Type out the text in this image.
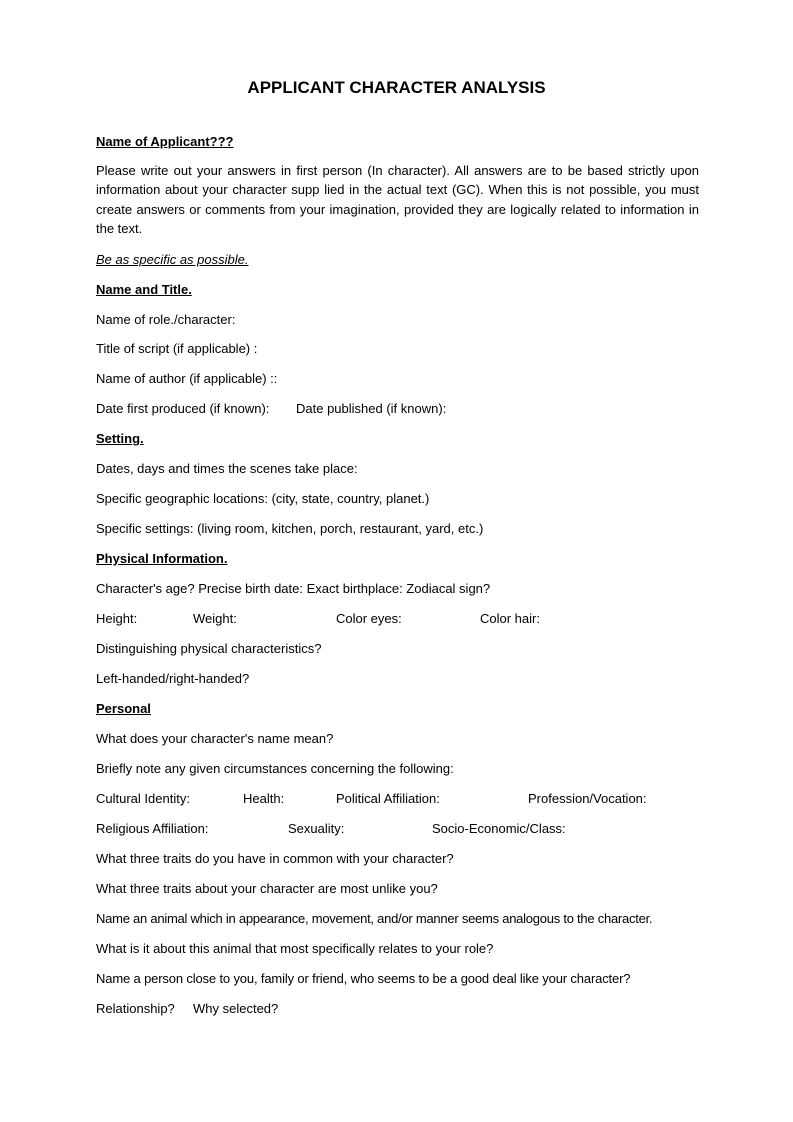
APPLICANT CHARACTER ANALYSIS
Name of Applicant???
Please write out your answers in first person (In character). All answers are to be based strictly upon information about your character supp lied in the actual text (GC). When this is not possible, you must create answers or comments from your imagination, provided they are logically related to information in the text.
Be as specific as possible.
Name and Title.
Name of role./character:
Title of script (if applicable) :
Name of author (if applicable) ::
Date first produced (if known): Date published (if known):
Setting.
Dates, days and times the scenes take place:
Specific geographic locations: (city, state, country, planet.)
Specific settings: (living room, kitchen, porch, restaurant, yard, etc.)
Physical Information.
Character's age? Precise birth date: Exact birthplace: Zodiacal sign?
Height:	Weight:	Color eyes:	Color hair:
Distinguishing physical characteristics?
Left-handed/right-handed?
Personal
What does your character's name mean?
Briefly note any given circumstances concerning the following:
Cultural Identity:	Health:	Political Affiliation:	Profession/Vocation:
Religious Affiliation:	Sexuality:	Socio-Economic/Class:
What three traits do you have in common with your character?
What three traits about your character are most unlike you?
Name an animal which in appearance, movement, and/or manner seems analogous to the character.
What is it about this animal that most specifically relates to your role?
Name a person close to you, family or friend, who seems to be a good deal like your character?
Relationship? Why selected?
